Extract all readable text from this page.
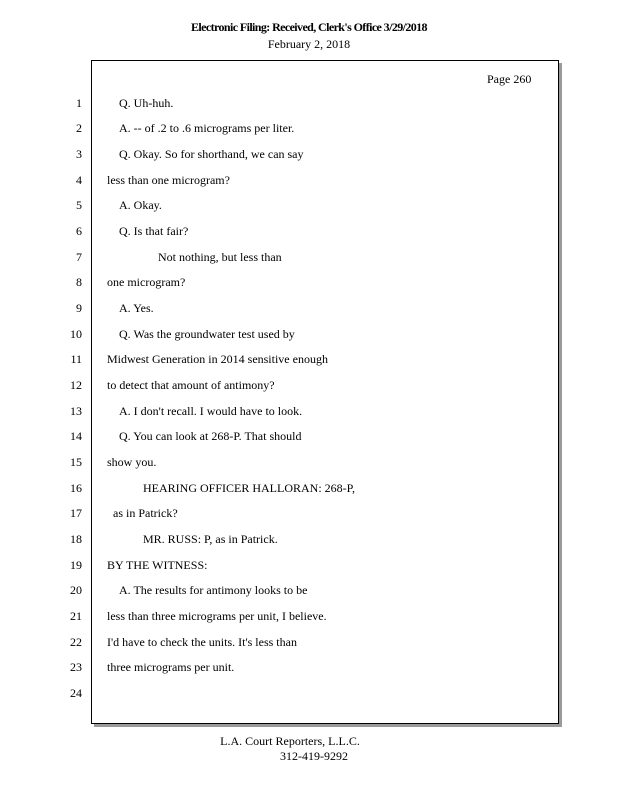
Electronic Filing: Received, Clerk's Office 3/29/2018
February 2, 2018
Page 260
1
2
3
4
5
6
7
8
9
10
11
12
13
14
15
16
17
18
19
20
21
22
23
24
Q. Uh-huh.
A. -- of .2 to .6 micrograms per liter.
Q. Okay. So for shorthand, we can say
less than one microgram?
A. Okay.
Q. Is that fair?
Not nothing, but less than
one microgram?
A. Yes.
Q. Was the groundwater test used by
Midwest Generation in 2014 sensitive enough
to detect that amount of antimony?
A. I don't recall. I would have to look.
Q. You can look at 268-P. That should
show you.
HEARING OFFICER HALLORAN: 268-P,
as in Patrick?
MR. RUSS: P, as in Patrick.
BY THE WITNESS:
A. The results for antimony looks to be
less than three micrograms per unit, I believe.
I'd have to check the units. It's less than
three micrograms per unit.
L.A. Court Reporters, L.L.C.
312-419-9292
